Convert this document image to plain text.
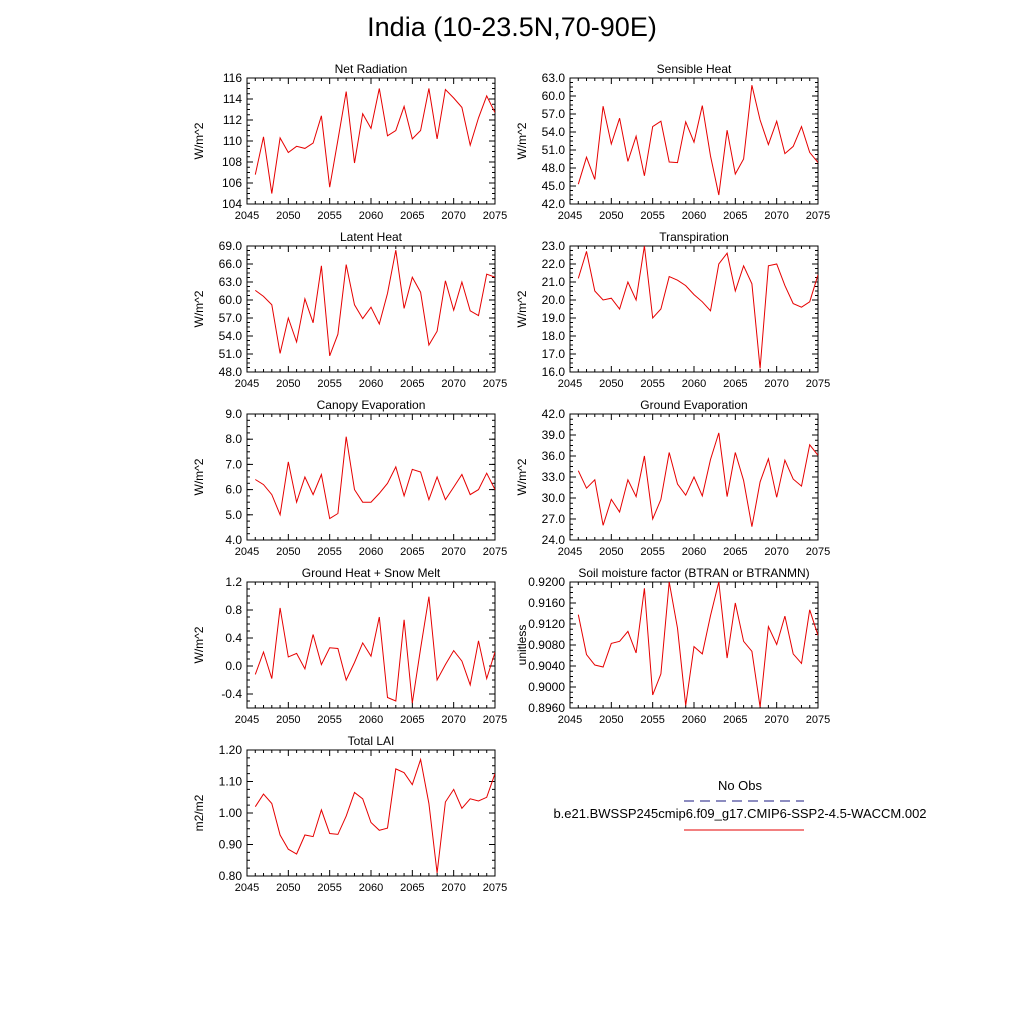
2045 2050 2055 2060 2065 2070 2075
104
106
108
110
112
114
116
Net Radiation
W/m^2
2045 2050 2055 2060 2065 2070 2075
42.0
45.0
48.0
51.0
54.0
57.0
60.0
63.0
Sensible Heat
W/m^2
2045 2050 2055 2060 2065 2070 2075
48.0
51.0
54.0
57.0
60.0
63.0
66.0
69.0
Latent Heat
W/m^2
2045 2050 2055 2060 2065 2070 2075
16.0
17.0
18.0
19.0
20.0
21.0
22.0
23.0
Transpiration
W/m^2
2045 2050 2055 2060 2065 2070 2075
4.0
5.0
6.0
7.0
8.0
9.0
Canopy Evaporation
W/m^2
2045 2050 2055 2060 2065 2070 2075
24.0
27.0
30.0
33.0
36.0
39.0
42.0
Ground Evaporation
W/m^2
2045 2050 2055 2060 2065 2070 2075
-0.4
0.0
0.4
0.8
1.2
Ground Heat + Snow Melt
W/m^2
2045 2050 2055 2060 2065 2070 2075
0.8960
0.9000
0.9040
0.9080
0.9120
0.9160
0.9200
Soil moisture factor (BTRAN or BTRANMN)
unitless
2045 2050 2055 2060 2065 2070 2075
0.80
0.90
1.00
1.10
1.20
Total LAI
m2/m2
India (10-23.5N,70-90E)
No Obs
b.e21.BWSSP245cmip6.f09_g17.CMIP6-SSP2-4.5-WACCM.002
